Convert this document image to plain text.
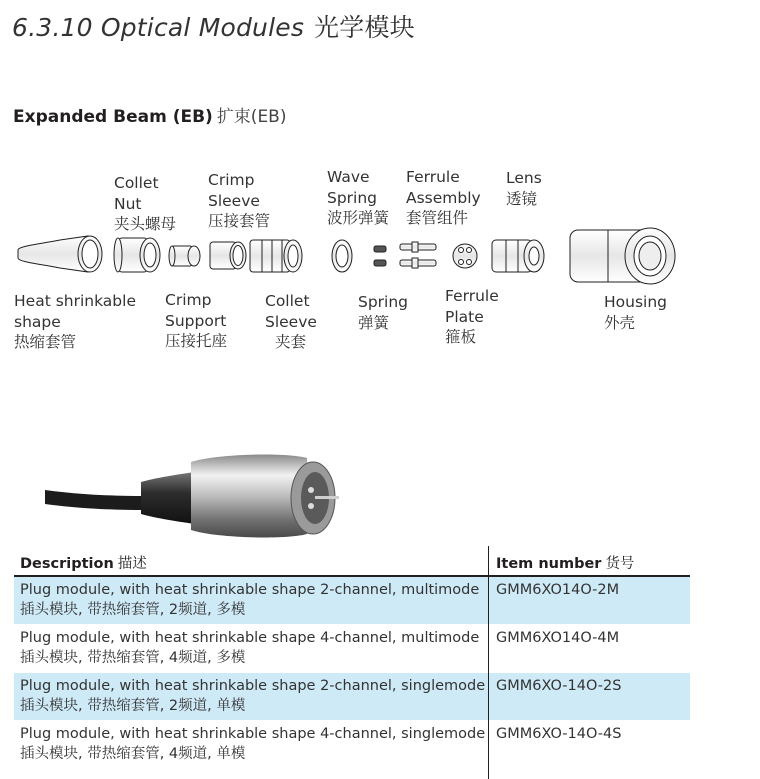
6.3.10 Optical Modules 光学模块
Expanded Beam (EB) 扩束(EB)
Collet
Nut
夹头螺母
Crimp
Sleeve
压接套管
Wave
Spring
波形弹簧
Ferrule
Assembly
套管组件
Lens
透镜
Heat shrinkable
shape
热缩套管
Crimp
Support
压接托座
Collet
Sleeve
夹套
Spring
弹簧
Ferrule
Plate
箍板
Housing
外壳
Description 描述	Item number 货号
Plug module, with heat shrinkable shape 2-channel, multimode
插头模块, 带热缩套管, 2频道, 多模
GMM6XO14O-2M
Plug module, with heat shrinkable shape 4-channel, multimode
插头模块, 带热缩套管, 4频道, 多模
GMM6XO14O-4M
Plug module, with heat shrinkable shape 2-channel, singlemode
插头模块, 带热缩套管, 2频道, 单模
GMM6XO-14O-2S
Plug module, with heat shrinkable shape 4-channel, singlemode
插头模块, 带热缩套管, 4频道, 单模
GMM6XO-14O-4S
